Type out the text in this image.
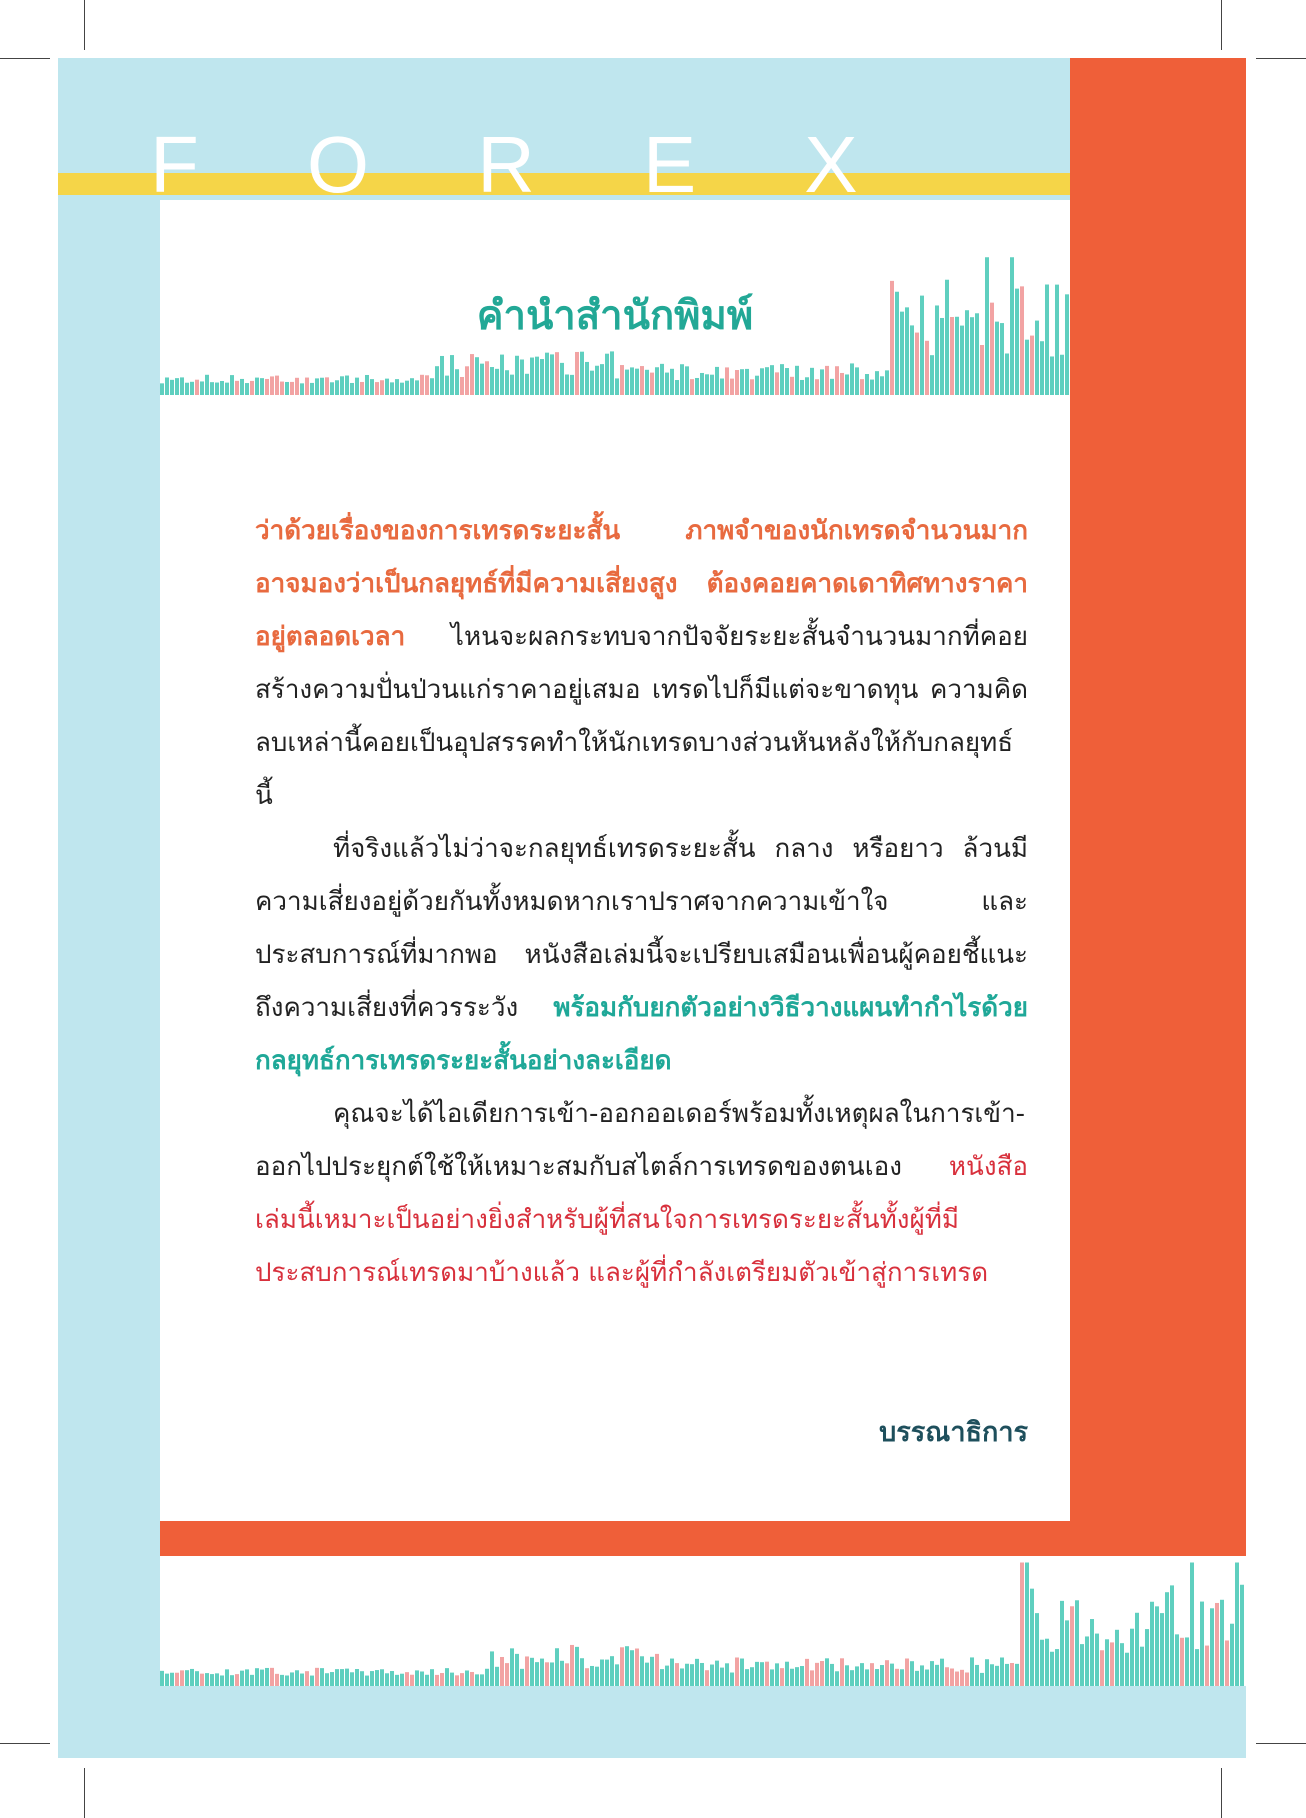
FOREX
คำนำสำนักพิมพ์

ว่าด้วยเรื่องของการเทรดระยะสั้น ภาพจำของนักเทรดจำนวนมากอาจมองว่าเป็นกลยุทธ์ที่มีความเสี่ยงสูง ต้องคอยคาดเดาทิศทางราคาอยู่ตลอดเวลา ไหนจะผลกระทบจากปัจจัยระยะสั้นจำนวนมากที่คอยสร้างความปั่นป่วนแก่ราคาอยู่เสมอ เทรดไปก็มีแต่จะขาดทุน ความคิดลบเหล่านี้คอยเป็นอุปสรรคทำให้นักเทรดบางส่วนหันหลังให้กับกลยุทธ์นี้

ที่จริงแล้วไม่ว่าจะกลยุทธ์เทรดระยะสั้น กลาง หรือยาว ล้วนมีความเสี่ยงอยู่ด้วยกันทั้งหมดหากเราปราศจากความเข้าใจ และประสบการณ์ที่มากพอ หนังสือเล่มนี้จะเปรียบเสมือนเพื่อนผู้คอยชี้แนะถึงความเสี่ยงที่ควรระวัง พร้อมกับยกตัวอย่างวิธีวางแผนทำกำไรด้วยกลยุทธ์การเทรดระยะสั้นอย่างละเอียด

คุณจะได้ไอเดียการเข้า-ออกออเดอร์พร้อมทั้งเหตุผลในการเข้า-ออกไปประยุกต์ใช้ให้เหมาะสมกับสไตล์การเทรดของตนเอง หนังสือเล่มนี้เหมาะเป็นอย่างยิ่งสำหรับผู้ที่สนใจการเทรดระยะสั้นทั้งผู้ที่มีประสบการณ์เทรดมาบ้างแล้ว และผู้ที่กำลังเตรียมตัวเข้าสู่การเทรด

บรรณาธิการ
